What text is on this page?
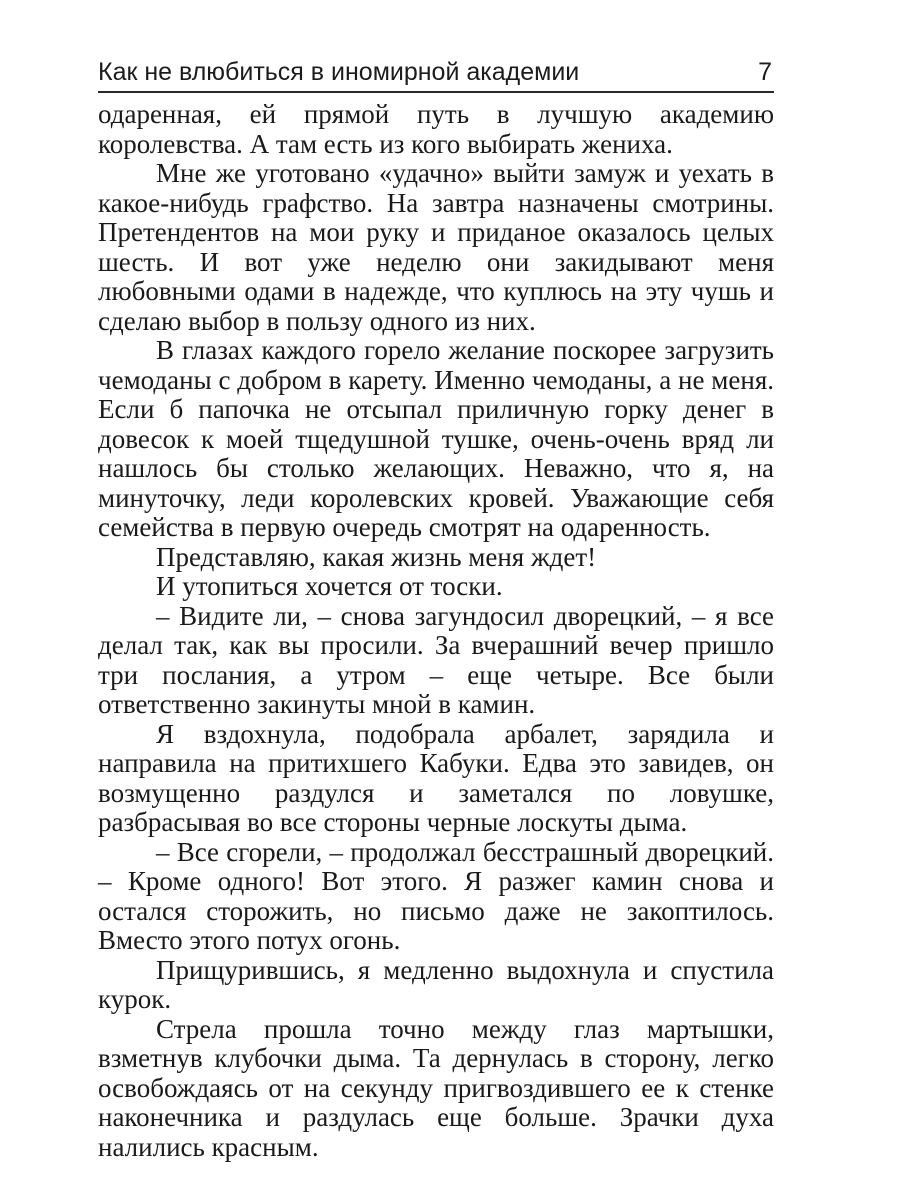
Как не влюбиться в иномирной академии	7

одаренная, ей прямой путь в лучшую академию королевства. А там есть из кого выбирать жениха.

Мне же уготовано «удачно» выйти замуж и уехать в какое-нибудь графство. На завтра назначены смотрины. Претендентов на мои руку и приданое оказалось целых шесть. И вот уже неделю они закидывают меня любовными одами в надежде, что куплюсь на эту чушь и сделаю выбор в пользу одного из них.

В глазах каждого горело желание поскорее загрузить чемоданы с добром в карету. Именно чемоданы, а не меня. Если б папочка не отсыпал приличную горку денег в довесок к моей тщедушной тушке, очень-очень вряд ли нашлось бы столько желающих. Неважно, что я, на минуточку, леди королевских кровей. Уважающие себя семейства в первую очередь смотрят на одаренность.

Представляю, какая жизнь меня ждет!

И утопиться хочется от тоски.

– Видите ли, – снова загундосил дворецкий, – я все делал так, как вы просили. За вчерашний вечер пришло три послания, а утром – еще четыре. Все были ответственно закинуты мной в камин.

Я вздохнула, подобрала арбалет, зарядила и направила на притихшего Кабуки. Едва это завидев, он возмущенно раздулся и заметался по ловушке, разбрасывая во все стороны черные лоскуты дыма.

– Все сгорели, – продолжал бесстрашный дворецкий. – Кроме одного! Вот этого. Я разжег камин снова и остался сторожить, но письмо даже не закоптилось. Вместо этого потух огонь.

Прищурившись, я медленно выдохнула и спустила курок.

Стрела прошла точно между глаз мартышки, взметнув клубочки дыма. Та дернулась в сторону, легко освобождаясь от на секунду пригвоздившего ее к стенке наконечника и раздулась еще больше. Зрачки духа налились красным.
